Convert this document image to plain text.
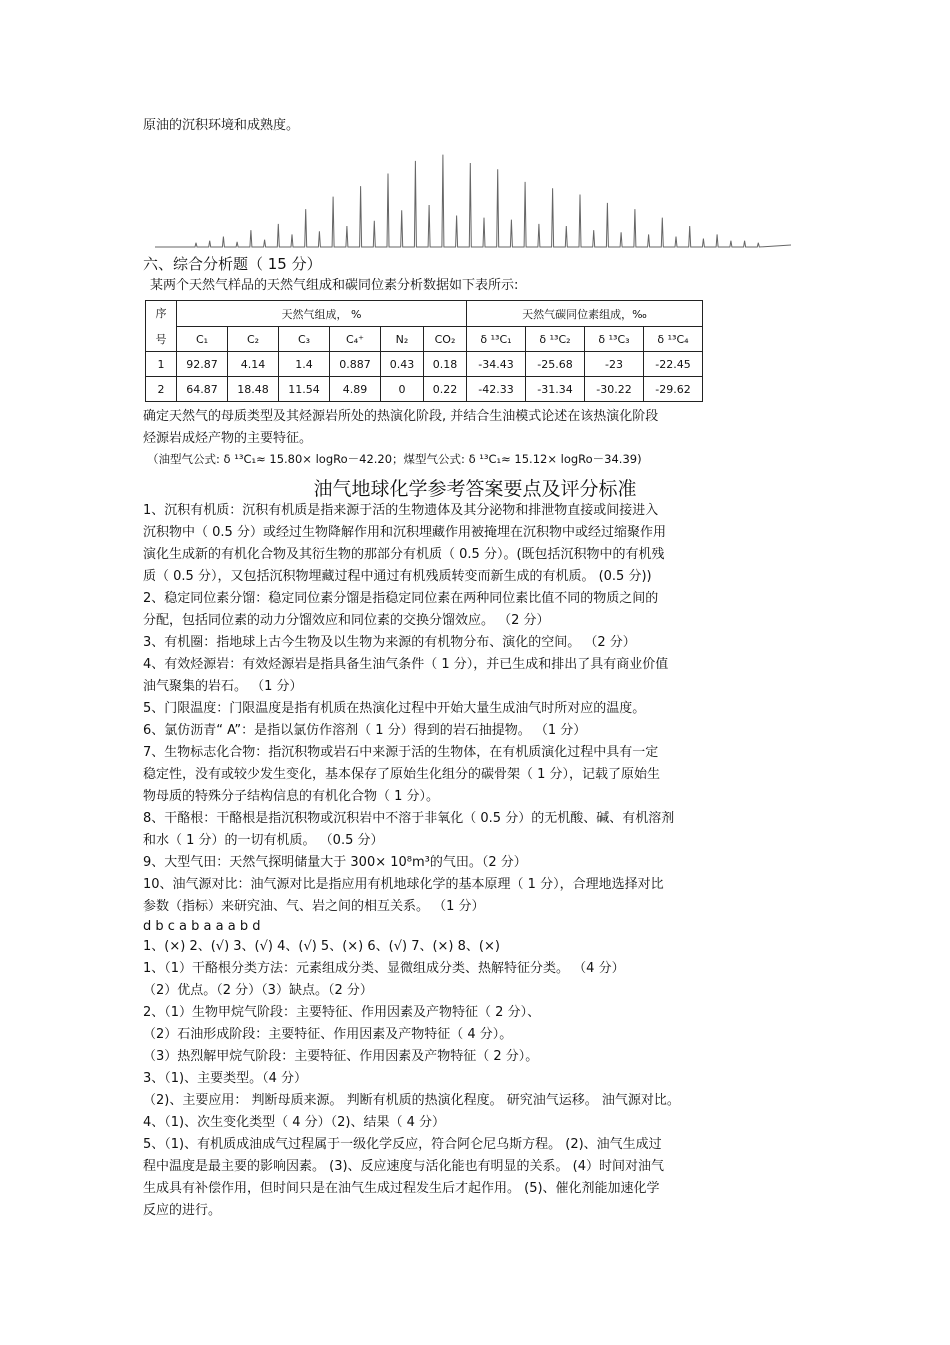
原油的沉积环境和成熟度。
六、综合分析题（ 15 分）
某两个天然气样品的天然气组成和碳同位素分析数据如下表所示:
序
号	天然气组成， %						天然气碳同位素组成，‰			
	C₁	C₂	C₃	C₄⁺	N₂	CO₂	δ ¹³C₁	δ ¹³C₂	δ ¹³C₃	δ ¹³C₄
1	92.87	4.14	1.4	0.887	0.43	0.18	-34.43	-25.68	-23	-22.45
2	64.87	18.48	11.54	4.89	0	0.22	-42.33	-31.34	-30.22	-29.62
确定天然气的母质类型及其烃源岩所处的热演化阶段, 并结合生油模式论述在该热演化阶段
烃源岩成烃产物的主要特征。
（油型气公式: δ ¹³C₁≈ 15.80× logRo－42.20；煤型气公式: δ ¹³C₁≈ 15.12× logRo－34.39)
油气地球化学参考答案要点及评分标准
1、沉积有机质：沉积有机质是指来源于活的生物遗体及其分泌物和排泄物直接或间接进入
沉积物中（ 0.5 分）或经过生物降解作用和沉积埋藏作用被掩埋在沉积物中或经过缩聚作用
演化生成新的有机化合物及其衍生物的那部分有机质（ 0.5 分）。(既包括沉积物中的有机残
质（ 0.5 分），又包括沉积物埋藏过程中通过有机残质转变而新生成的有机质。 (0.5 分))
2、稳定同位素分馏：稳定同位素分馏是指稳定同位素在两种同位素比值不同的物质之间的
分配，包括同位素的动力分馏效应和同位素的交换分馏效应。 （2 分）
3、有机圈：指地球上古今生物及以生物为来源的有机物分布、演化的空间。 （2 分）
4、有效烃源岩：有效烃源岩是指具备生油气条件（ 1 分），并已生成和排出了具有商业价值
油气聚集的岩石。 （1 分）
5、门限温度：门限温度是指有机质在热演化过程中开始大量生成油气时所对应的温度。
6、氯仿沥青“ A”：是指以氯仿作溶剂（ 1 分）得到的岩石抽提物。 （1 分）
7、生物标志化合物：指沉积物或岩石中来源于活的生物体，在有机质演化过程中具有一定
稳定性，没有或较少发生变化，基本保存了原始生化组分的碳骨架（ 1 分），记载了原始生
物母质的特殊分子结构信息的有机化合物（ 1 分）。
8、干酪根：干酪根是指沉积物或沉积岩中不溶于非氧化（ 0.5 分）的无机酸、碱、有机溶剂
和水（ 1 分）的一切有机质。 （0.5 分）
9、大型气田：天然气探明储量大于 300× 10⁸m³的气田。（2 分）
10、油气源对比：油气源对比是指应用有机地球化学的基本原理（ 1 分），合理地选择对比
参数（指标）来研究油、气、岩之间的相互关系。 （1 分）
d b c a b a a a b d
1、(×) 2、(√) 3、(√) 4、(√) 5、(×) 6、(√) 7、(×) 8、(×)
1、（1）干酪根分类方法：元素组成分类、显微组成分类、热解特征分类。 （4 分）
（2）优点。（2 分）（3）缺点。（2 分）
2、（1）生物甲烷气阶段：主要特征、作用因素及产物特征（ 2 分）、
（2）石油形成阶段：主要特征、作用因素及产物特征（ 4 分）。
（3）热烈解甲烷气阶段：主要特征、作用因素及产物特征（ 2 分）。
3、（1)、主要类型。（4 分）
（2)、主要应用： 判断母质来源。 判断有机质的热演化程度。 研究油气运移。 油气源对比。
4、（1)、次生变化类型（ 4 分）（2)、结果（ 4 分）
5、（1)、有机质成油成气过程属于一级化学反应，符合阿仑尼乌斯方程。 (2)、油气生成过
程中温度是最主要的影响因素。 (3)、反应速度与活化能也有明显的关系。 (4）时间对油气
生成具有补偿作用，但时间只是在油气生成过程发生后才起作用。 (5)、催化剂能加速化学
反应的进行。
